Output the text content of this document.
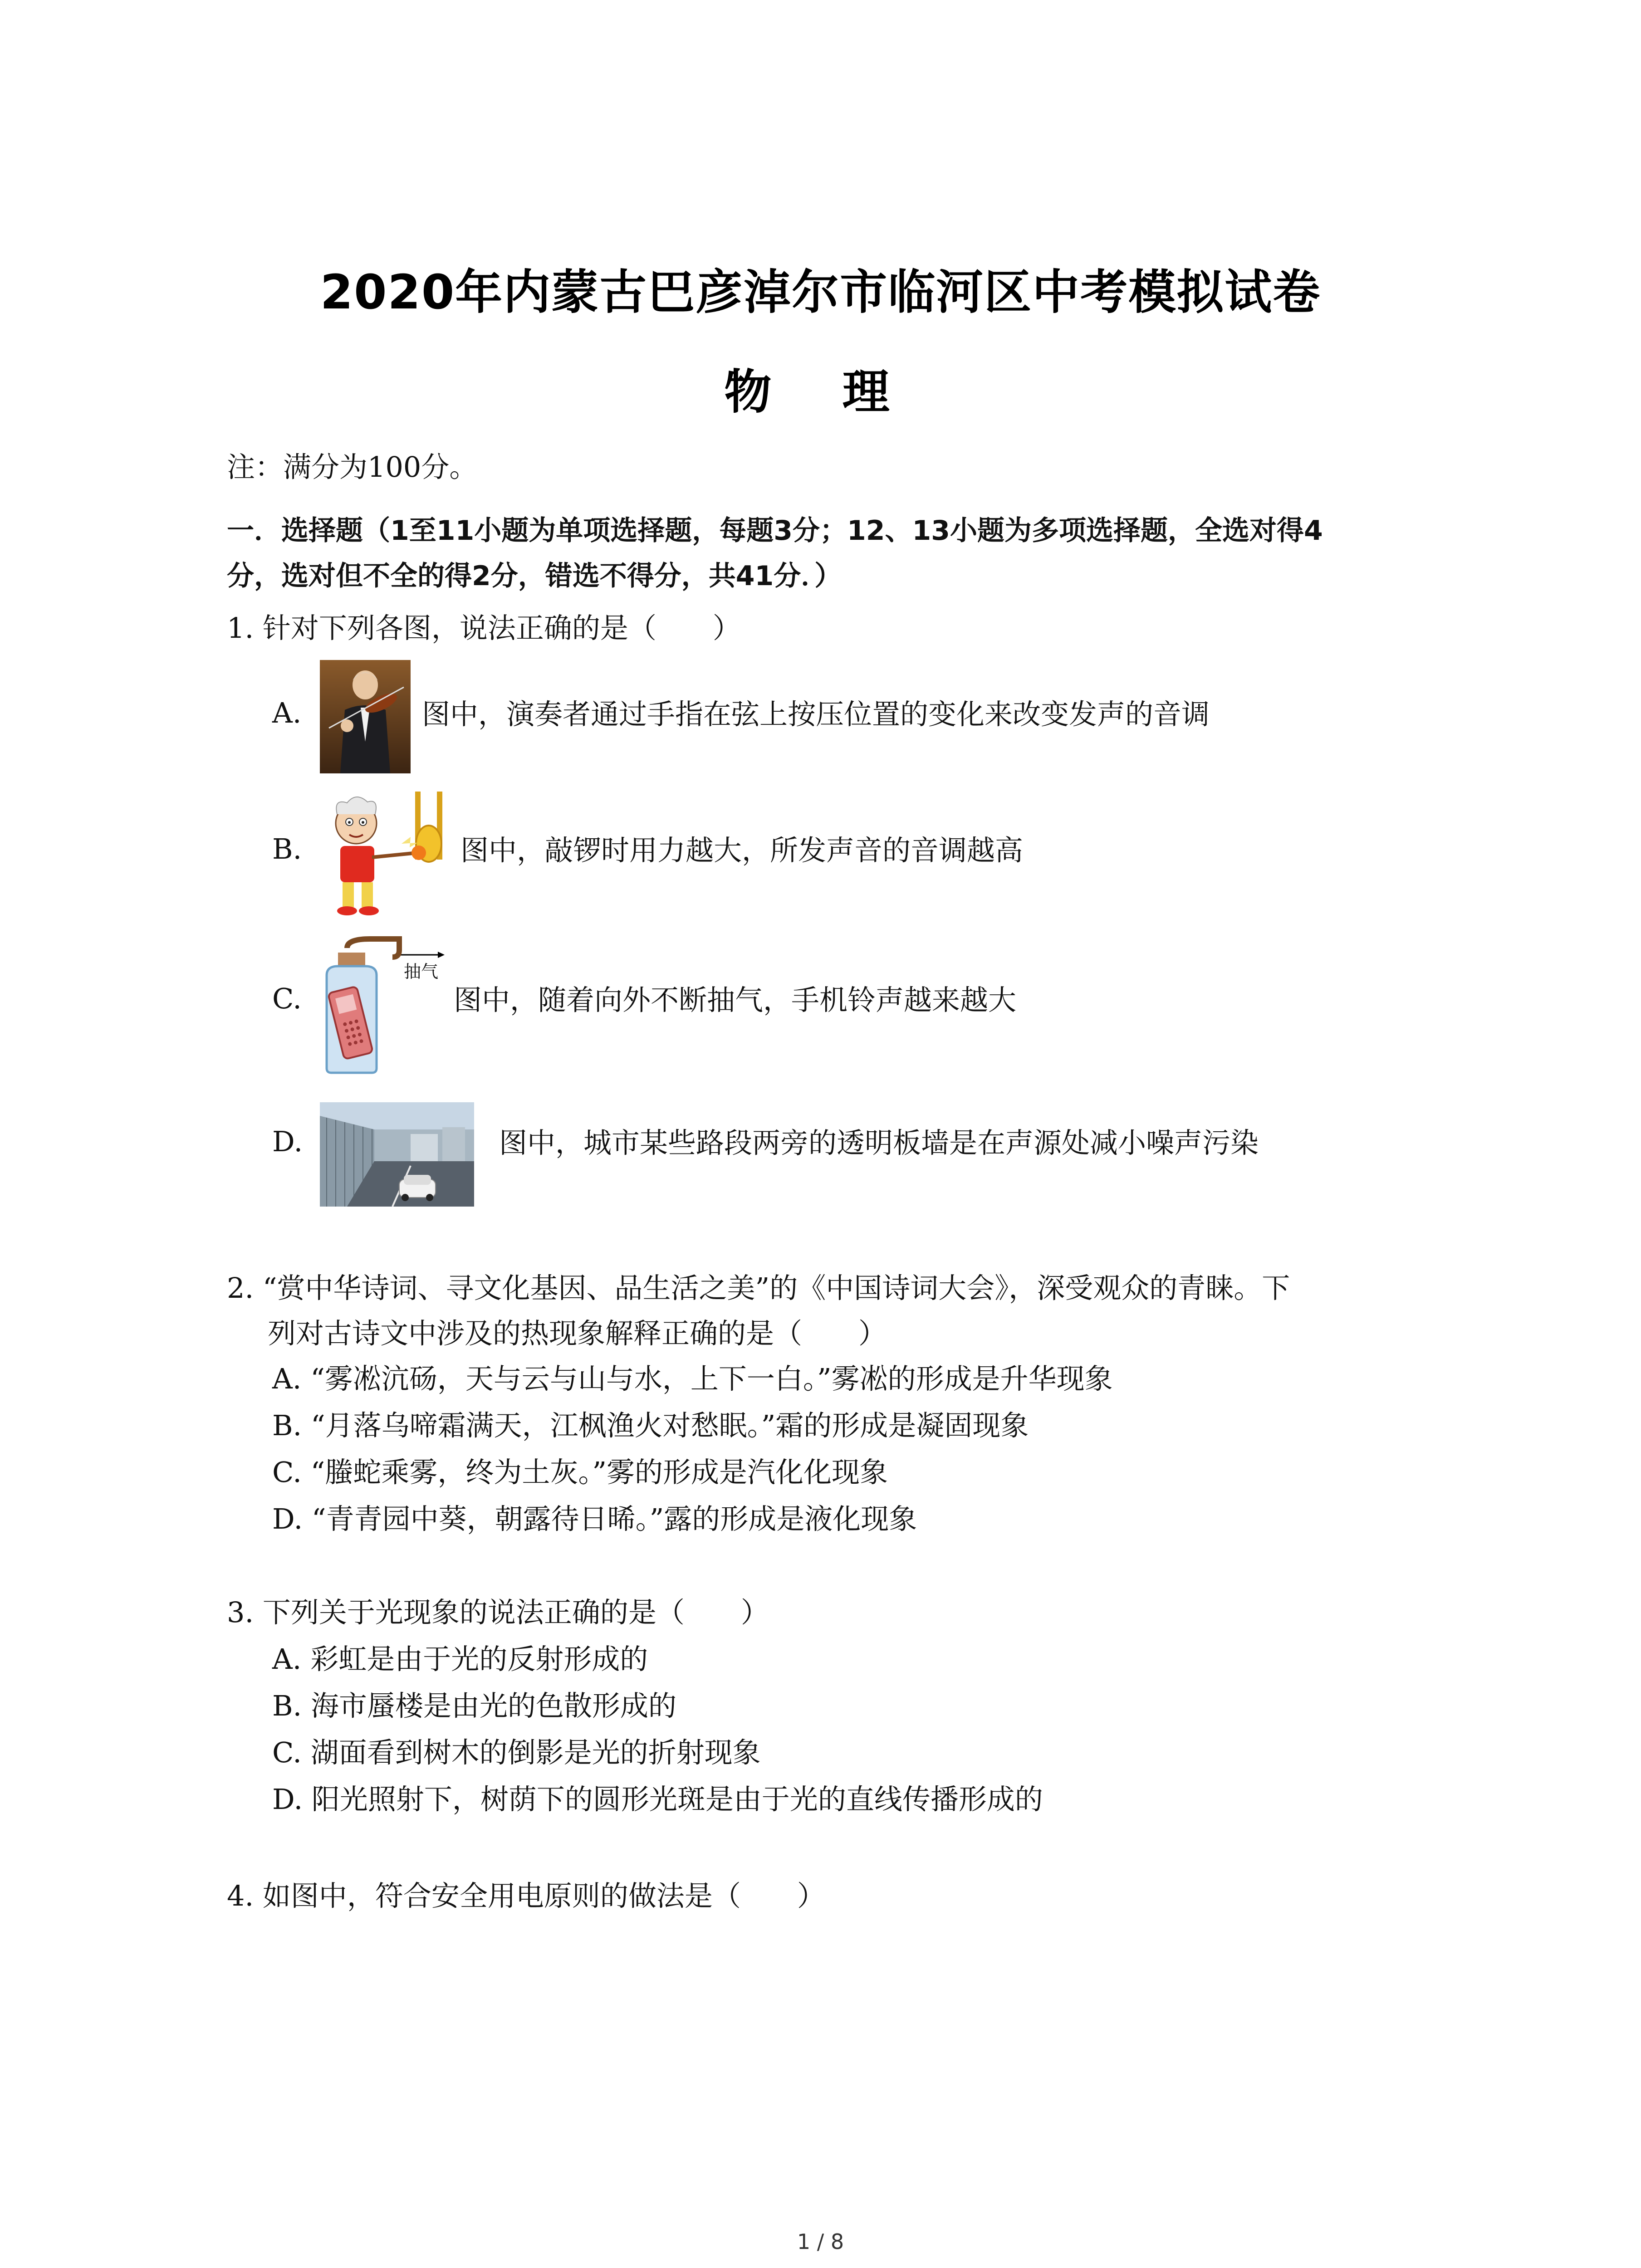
2020年内蒙古巴彦淖尔市临河区中考模拟试卷
物 理
注：满分为100分。
一．选择题（1至11小题为单项选择题，每题3分；12、13小题为多项选择题，全选对得4
分，选对但不全的得2分，错选不得分，共41分．）
1. 针对下列各图，说法正确的是（　　）
A.	图中，演奏者通过手指在弦上按压位置的变化来改变发声的音调
B.	图中，敲锣时用力越大，所发声音的音调越高
C.
抽气
图中，随着向外不断抽气，手机铃声越来越大
D.	图中，城市某些路段两旁的透明板墙是在声源处减小噪声污染
2. “赏中华诗词、寻文化基因、品生活之美”的《中国诗词大会》，深受观众的青睐。下
列对古诗文中涉及的热现象解释正确的是（　　）
A. “雾凇沆砀，天与云与山与水，上下一白。”雾凇的形成是升华现象
B. “月落乌啼霜满天，江枫渔火对愁眠。”霜的形成是凝固现象
C. “螣蛇乘雾，终为土灰。”雾的形成是汽化化现象
D. “青青园中葵，朝露待日晞。”露的形成是液化现象
3. 下列关于光现象的说法正确的是（　　）
A. 彩虹是由于光的反射形成的
B. 海市蜃楼是由光的色散形成的
C. 湖面看到树木的倒影是光的折射现象
D. 阳光照射下，树荫下的圆形光斑是由于光的直线传播形成的
4. 如图中，符合安全用电原则的做法是（　　）
1 / 8
